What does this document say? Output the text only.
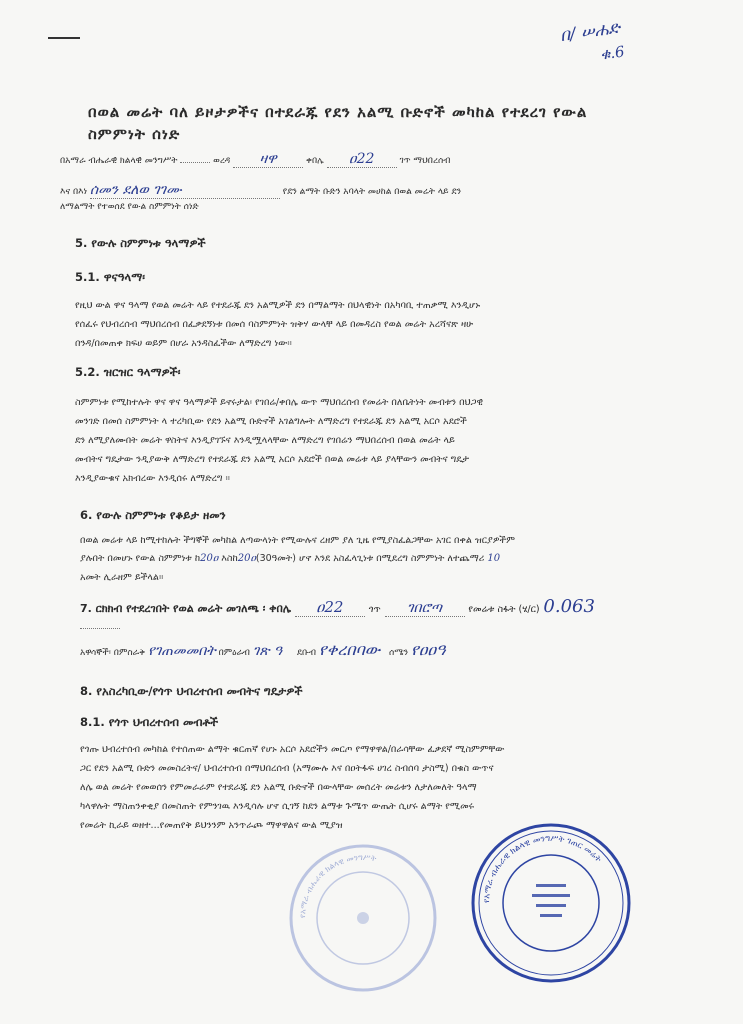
በ/ ሠሐድ
ቁ.6
በወል መሬት ባለ ይዞታዎችና በተደራጁ የደን አልሚ ቡድኖች መካከል የተደረገ የውል
ስምምነት ሰነድ
በአማራ ብሔራዊ ክልላዊ መንግሥት	ወረዳ ዛዋ	ቀበሌ ዐ22	ገጥ ማህበረሰብ
እና በእነ ሰመን ደለወ ገገሙ	የደን ልማት ቡድን አባላት መሀከል በወል መሬት ላይ ደን
ለማልማት የተወሰደ የውል ስምምነት ሰነድ
5. የውሉ ስምምነቱ ዓላማዎች
5.1. ዋናዓላማ፡
የዚህ ውል ዋና ዓላማ የወል መሬት ላይ የተደራጁ ደን አልሚዎች ደን በማልማት በህላዊነት በአካባቢ ተጠቃሚ እንዲሆኑ
የሰፈሩ የህብረሰብ ማህበረሰብ በፈቃደኝነቱ በመሰ ባስምምነት ዝቅሃ ውላቸ ላይ በመዳረስ የወል መሬት አረሻናጽ ዛሁ
በንዳ/በመጠቀ ክፍሀ ወይም በሆራ አንዳስፈችው ለማድረግ ነው።
5.2. ዝርዝር ዓላማዎች፡
ስምምነቱ የሚከተሉት ዋና ዋና ዓላማዎች ይኖሩታል፡ የገበሬ/ቀበሌ ውጥ ማህበረሰብ የመሬት በለቤትነት መብቱን በህጋዊ
መንገድ በመሰ ስምምነት ላ ተረካቢው የደን አልሚ ቡድኖች አገልግሎት ለማድረግ የተደራጁ ደን አልሚ አርሶ አደሮች
ደን ለሚያለሙበት መሬት ዋስትና እንዲያገኙና እንዲሟላላቸው ለማድረግ የገበሬን ማህበረሰብ በወል መሬት ላይ
መብትና ግዴታው ንዲያውቅ ለማድረግ የተደራጁ ደን አልሚ አርሶ አደሮች በወል መሬቱ ላይ ያላቸውን መብትና ግዴታ
እንዲያውቁና አክብረው እንዲሰሩ ለማድረግ ።
6. የውሉ ስምምነቱ የቆይታ ዘመን
በወል መሬቱ ላይ ከሚተከሉት ችግኞች መካከል ለጣውላነት የሚውሉና ረዘም ያለ ጊዜ የሚያስፈልጋቸው አገር በቀል ዝርያዎችም
ያሉበት በመሆኑ የውል ስምምነቱ ከ20ዐ እስከ20ዐ(30ዓመት) ሆኖ እንደ አስፈላጊነቱ በሚደረግ ስምምነት ለተጨማሪ 10
አመት ሊራዘም ይችላል።
7. ርክክብ የተደረገበት የወል መሬት መገለጫ ፡ ቀበሌ ዐ22	ጎጥ ገበሮጣ	የመሬቱ ስፋት (ሄ/ር) 0.063
አዋሳኞች፡ በምስራቅ የገጠመመበት በምዕራብ ገጽ ዓ ደቡብ የቀረበባው ሰሜን የዐዐዓ
8. የአስረካቢው/የጎጥ ህብረተሰብ መብትና ግዴታዎች
8.1. የጎጥ ህብረተሰብ መብቶች
የጎጡ ህብረተሰብ መካከል የተሰጠው ልማት ቁርጠኛ የሆኑ አርሶ አደሮችን መርጦ የማዋዋል/በራሳቸው ፈቃደኛ ሚስምምቸው
ጋር የደን አልሚ ቡድን መመስረትና/ ህብረተሰብ በማህበረሰብ (አማሙሉ እና በዐትፋፍ ሀገረ ስብሰባ ታስሚ) በቁስ ውጥና
ለሌ ወል መሬት የመወሰን የምመራራም የተደራጁ ደን አልሚ ቡድኖች በውላቸው መሰረት መሬቱን ለታለመለት ዓላማ
ካላዋሉት ማስጠንቀቂያ በመስጠት የምንገዉ እንዲሳሉ ሆኖ ሲገኝ ከደን ልማቱ ጉሜጥ ውጤት ሲሆሩ ልማት የሚመሩ
የመሬት ኪራይ ወዘተ...የመጠየቅ ይህንንም አንጥራጮ ማዋዋልና ውል ሚያዝ
የአማራ ብሔራዊ ክልላዊ መንግሥት
የአማራ ብሔራዊ ክልላዊ መንግሥት ገጠር መሬት
